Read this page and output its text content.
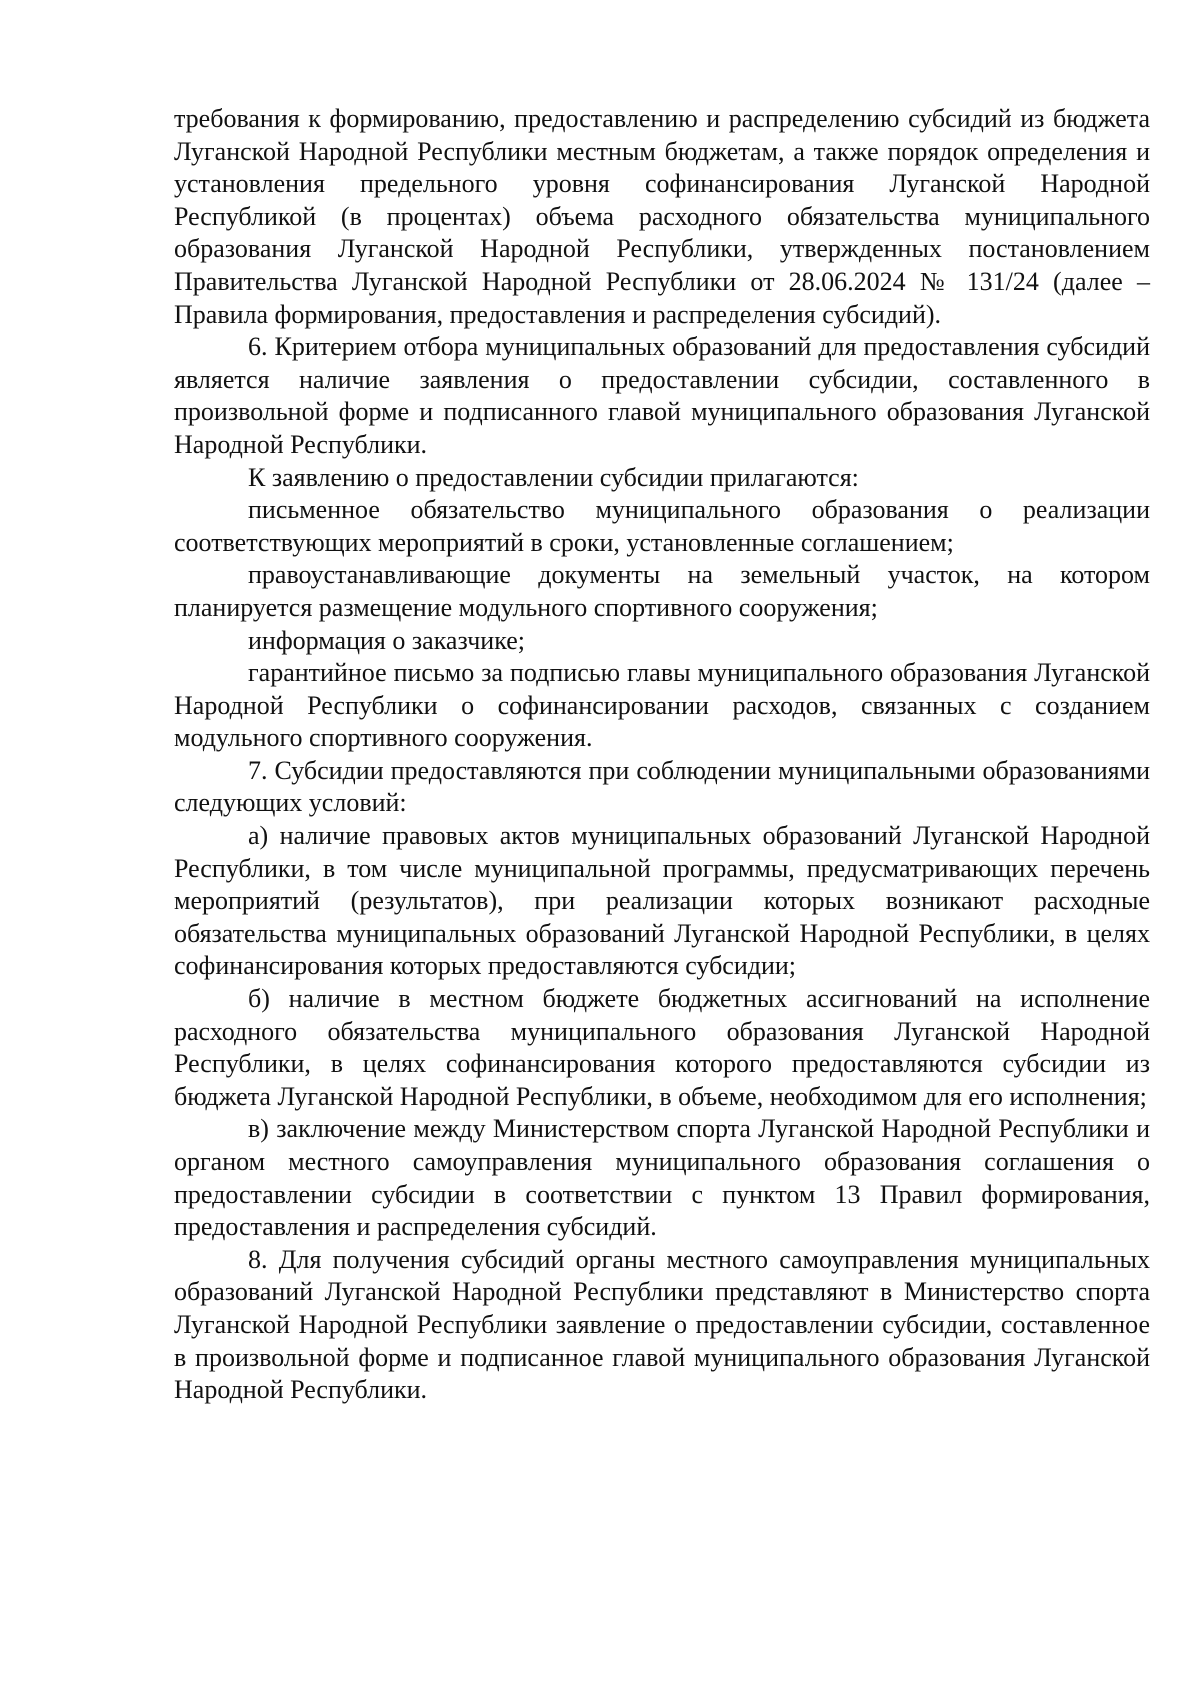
требования к формированию, предоставлению и распределению субсидий из бюджета Луганской Народной Республики местным бюджетам, а также порядок определения и установления предельного уровня софинансирования Луганской Народной Республикой (в процентах) объема расходного обязательства муниципального образования Луганской Народной Республики, утвержденных постановлением Правительства Луганской Народной Республики от 28.06.2024 № 131/24 (далее – Правила формирования, предоставления и распределения субсидий).

6. Критерием отбора муниципальных образований для предоставления субсидий является наличие заявления о предоставлении субсидии, составленного в произвольной форме и подписанного главой муниципального образования Луганской Народной Республики.

К заявлению о предоставлении субсидии прилагаются:

письменное обязательство муниципального образования о реализации соответствующих мероприятий в сроки, установленные соглашением;

правоустанавливающие документы на земельный участок, на котором планируется размещение модульного спортивного сооружения;

информация о заказчике;

гарантийное письмо за подписью главы муниципального образования Луганской Народной Республики о софинансировании расходов, связанных с созданием модульного спортивного сооружения.

7. Субсидии предоставляются при соблюдении муниципальными образованиями следующих условий:

а) наличие правовых актов муниципальных образований Луганской Народной Республики, в том числе муниципальной программы, предусматривающих перечень мероприятий (результатов), при реализации которых возникают расходные обязательства муниципальных образований Луганской Народной Республики, в целях софинансирования которых предоставляются субсидии;

б) наличие в местном бюджете бюджетных ассигнований на исполнение расходного обязательства муниципального образования Луганской Народной Республики, в целях софинансирования которого предоставляются субсидии из бюджета Луганской Народной Республики, в объеме, необходимом для его исполнения;

в) заключение между Министерством спорта Луганской Народной Республики и органом местного самоуправления муниципального образования соглашения о предоставлении субсидии в соответствии с пунктом 13 Правил формирования, предоставления и распределения субсидий.

8. Для получения субсидий органы местного самоуправления муниципальных образований Луганской Народной Республики представляют в Министерство спорта Луганской Народной Республики заявление о предоставлении субсидии, составленное в произвольной форме и подписанное главой муниципального образования Луганской Народной Республики.
